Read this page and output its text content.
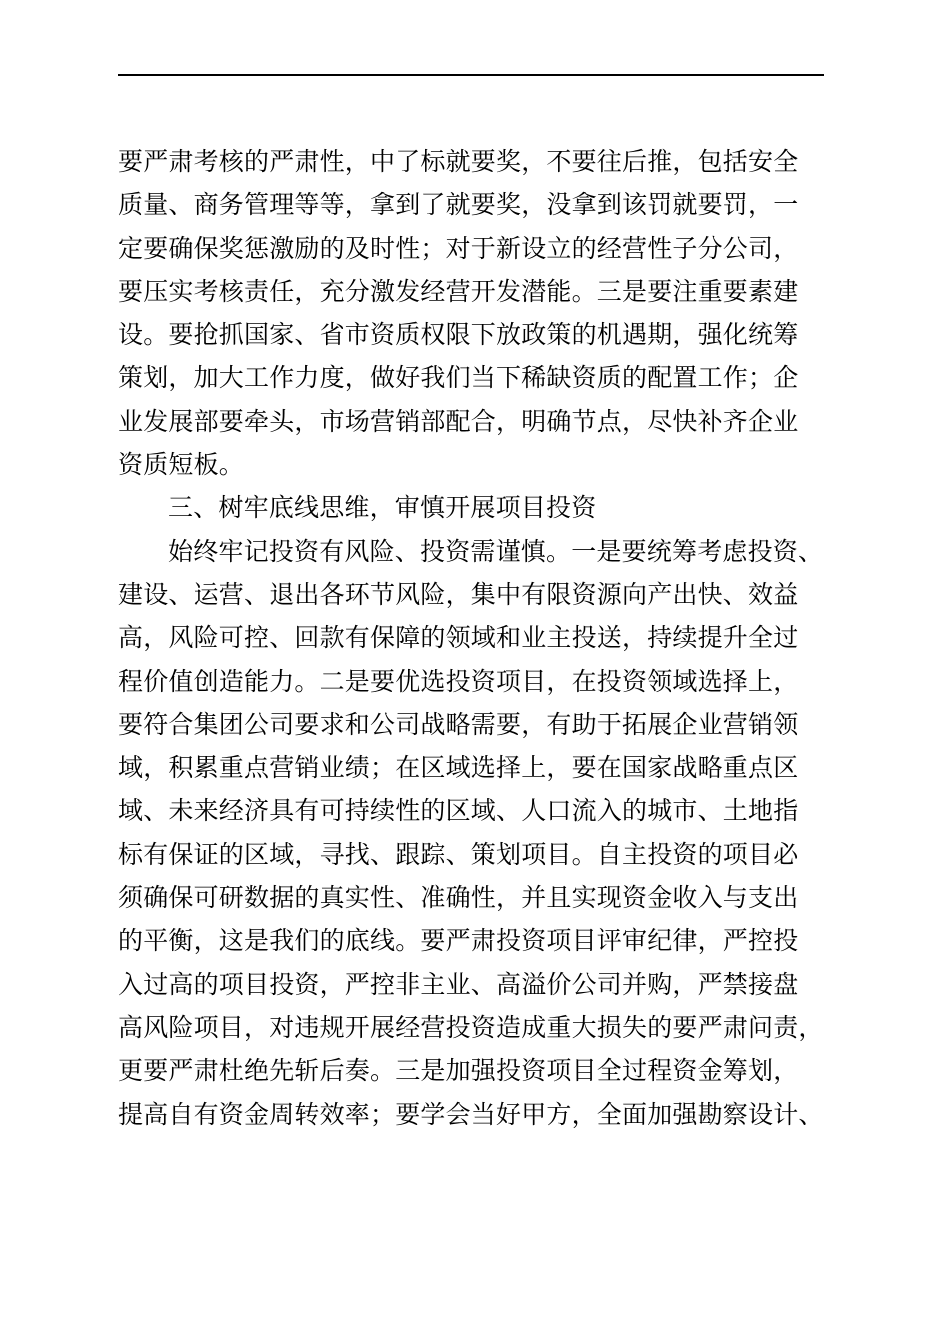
要严肃考核的严肃性，中了标就要奖，不要往后推，包括安全
质量、商务管理等等，拿到了就要奖，没拿到该罚就要罚，一
定要确保奖惩激励的及时性；对于新设立的经营性子分公司，
要压实考核责任，充分激发经营开发潜能。三是要注重要素建
设。要抢抓国家、省市资质权限下放政策的机遇期，强化统筹
策划，加大工作力度，做好我们当下稀缺资质的配置工作；企
业发展部要牵头，市场营销部配合，明确节点，尽快补齐企业
资质短板。
三、树牢底线思维，审慎开展项目投资
始终牢记投资有风险、投资需谨慎。一是要统筹考虑投资、
建设、运营、退出各环节风险，集中有限资源向产出快、效益
高，风险可控、回款有保障的领域和业主投送，持续提升全过
程价值创造能力。二是要优选投资项目，在投资领域选择上，
要符合集团公司要求和公司战略需要，有助于拓展企业营销领
域，积累重点营销业绩；在区域选择上，要在国家战略重点区
域、未来经济具有可持续性的区域、人口流入的城市、土地指
标有保证的区域，寻找、跟踪、策划项目。自主投资的项目必
须确保可研数据的真实性、准确性，并且实现资金收入与支出
的平衡，这是我们的底线。要严肃投资项目评审纪律，严控投
入过高的项目投资，严控非主业、高溢价公司并购，严禁接盘
高风险项目，对违规开展经营投资造成重大损失的要严肃问责，
更要严肃杜绝先斩后奏。三是加强投资项目全过程资金筹划，
提高自有资金周转效率；要学会当好甲方，全面加强勘察设计、
